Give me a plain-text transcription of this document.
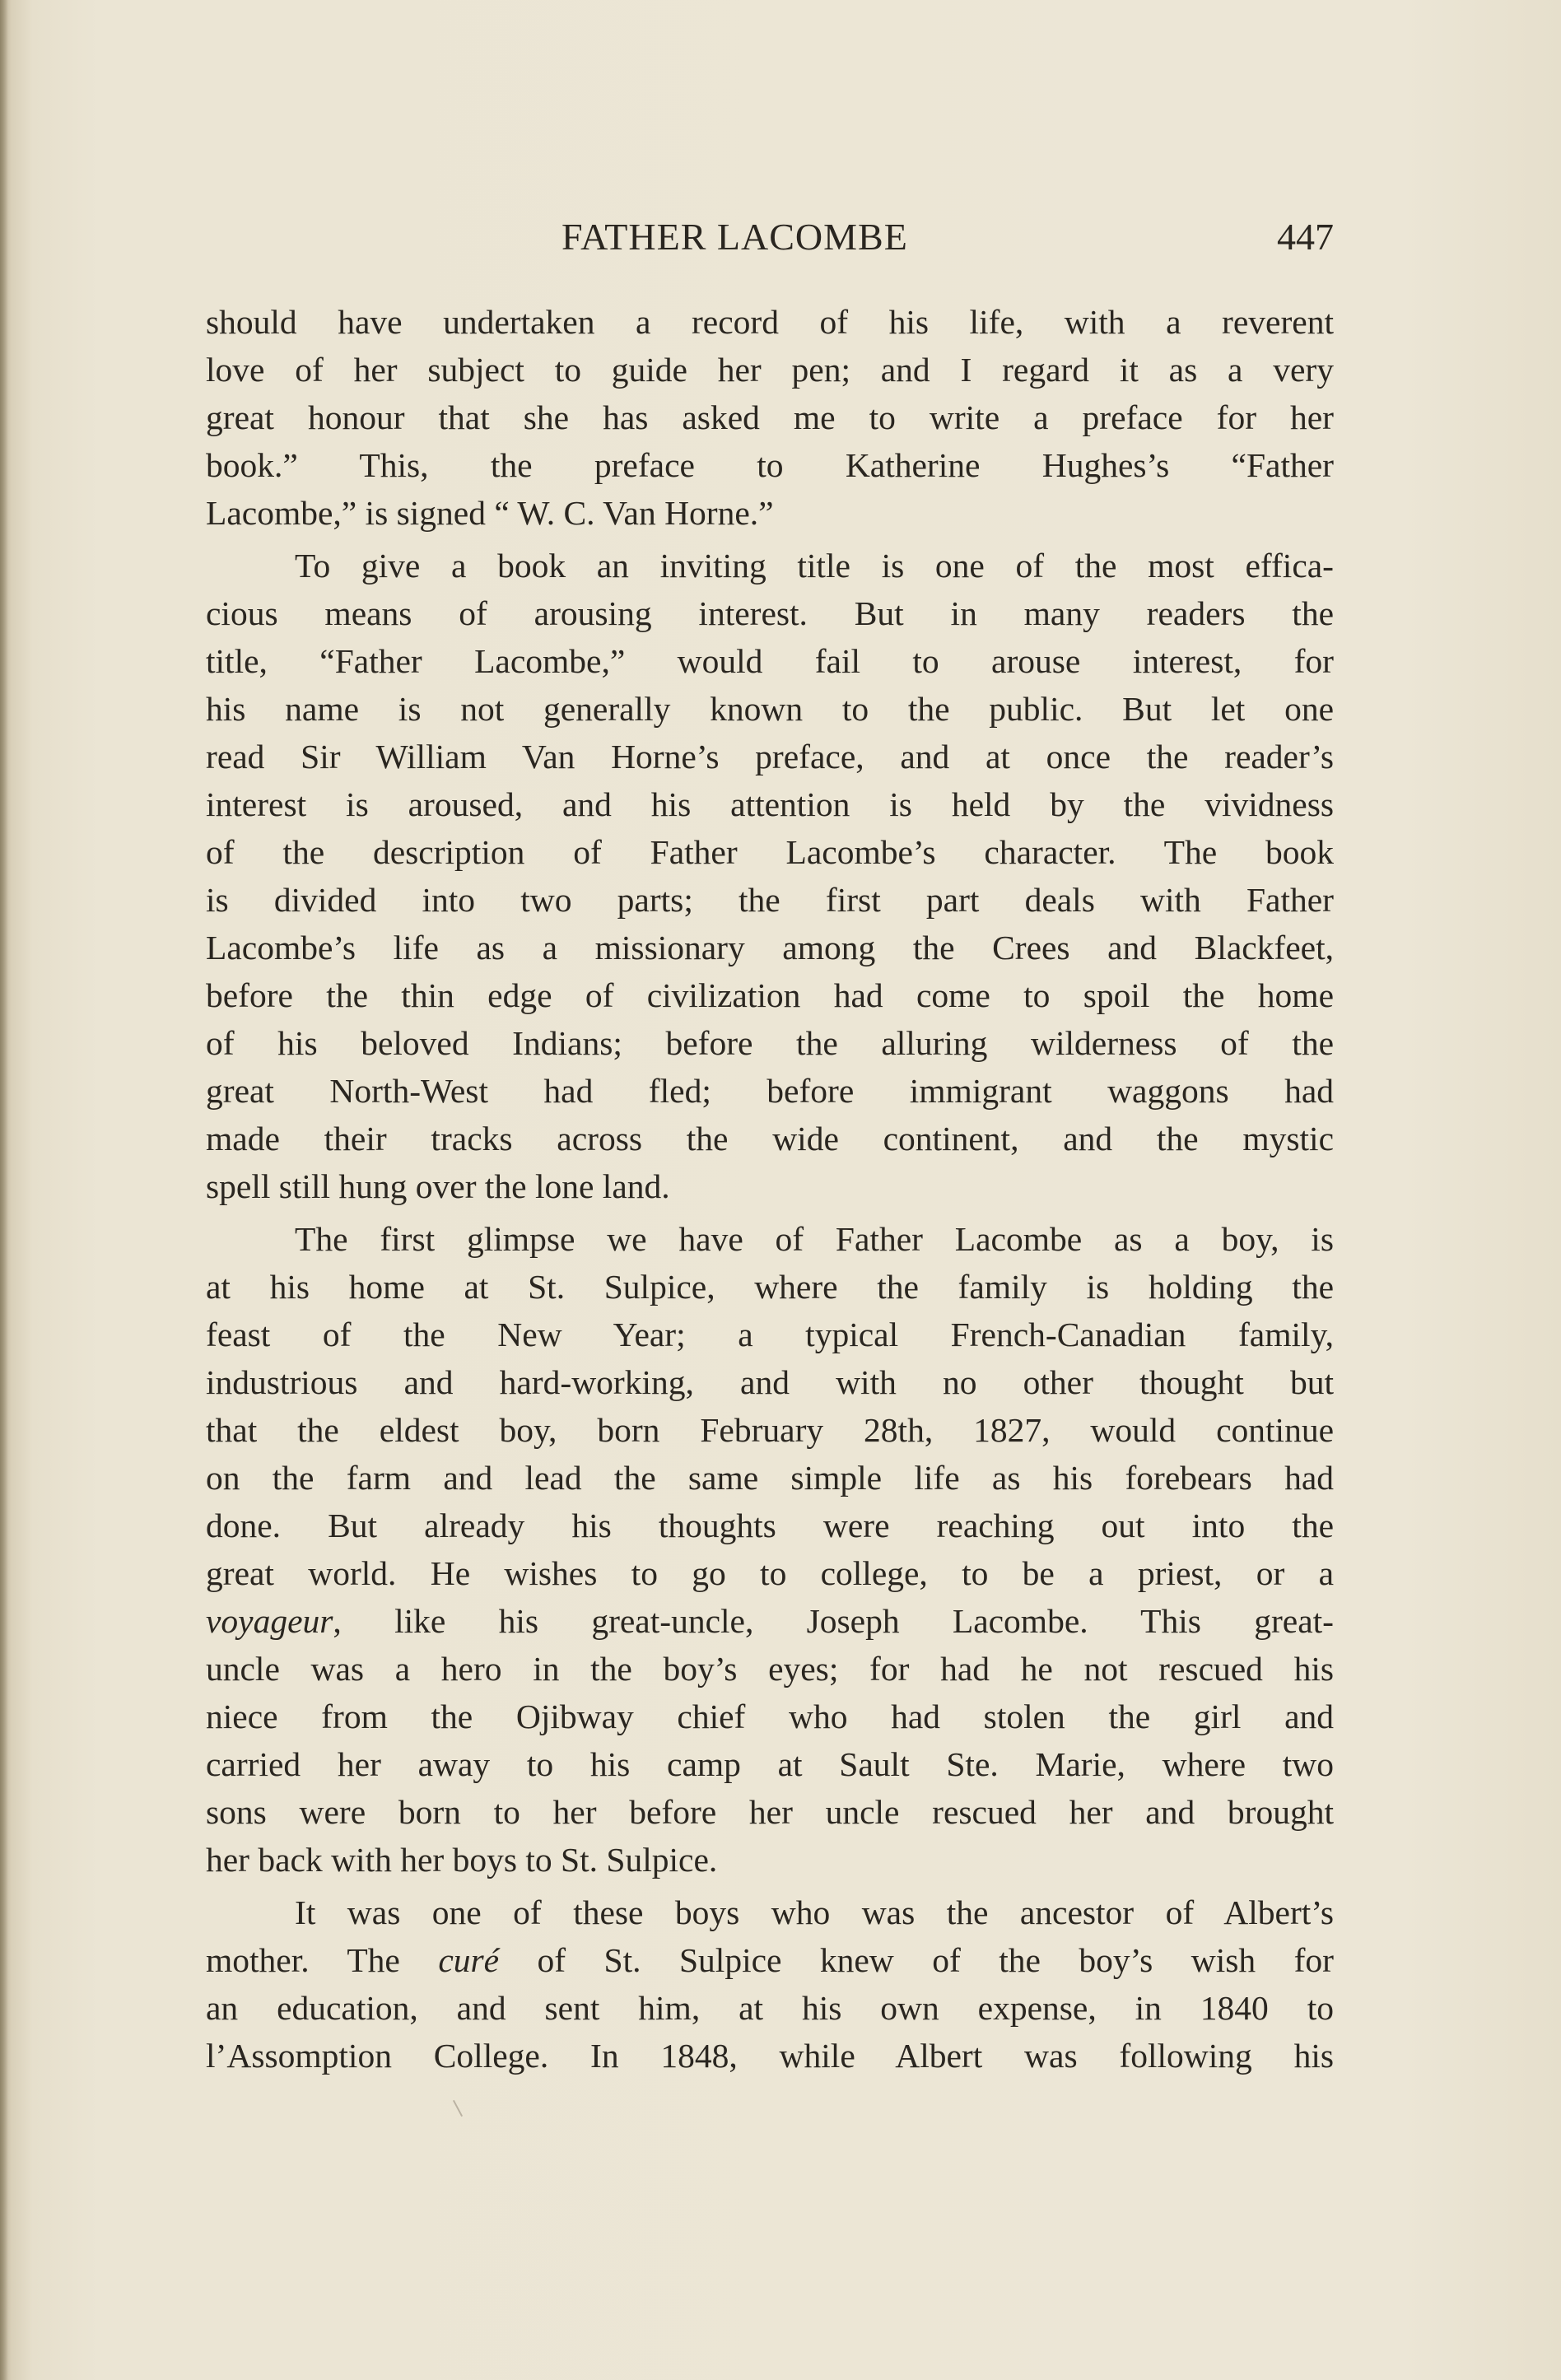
FATHER LACOMBE	447
should have undertaken a record of his life, with a reverent
love of her subject to guide her pen; and I regard it as a very
great honour that she has asked me to write a preface for her
book.” This, the preface to Katherine Hughes’s “Father
Lacombe,” is signed “ W. C. Van Horne.”
To give a book an inviting title is one of the most effica-
cious means of arousing interest. But in many readers the
title, “Father Lacombe,” would fail to arouse interest, for
his name is not generally known to the public. But let one
read Sir William Van Horne’s preface, and at once the reader’s
interest is aroused, and his attention is held by the vividness
of the description of Father Lacombe’s character. The book
is divided into two parts; the first part deals with Father
Lacombe’s life as a missionary among the Crees and Blackfeet,
before the thin edge of civilization had come to spoil the home
of his beloved Indians; before the alluring wilderness of the
great North-West had fled; before immigrant waggons had
made their tracks across the wide continent, and the mystic
spell still hung over the lone land.
The first glimpse we have of Father Lacombe as a boy, is
at his home at St. Sulpice, where the family is holding the
feast of the New Year; a typical French-Canadian family,
industrious and hard-working, and with no other thought but
that the eldest boy, born February 28th, 1827, would continue
on the farm and lead the same simple life as his forebears had
done. But already his thoughts were reaching out into the
great world. He wishes to go to college, to be a priest, or a
voyageur, like his great-uncle, Joseph Lacombe. This great-
uncle was a hero in the boy’s eyes; for had he not rescued his
niece from the Ojibway chief who had stolen the girl and
carried her away to his camp at Sault Ste. Marie, where two
sons were born to her before her uncle rescued her and brought
her back with her boys to St. Sulpice.
It was one of these boys who was the ancestor of Albert’s
mother. The curé of St. Sulpice knew of the boy’s wish for
an education, and sent him, at his own expense, in 1840 to
l’Assomption College. In 1848, while Albert was following his
